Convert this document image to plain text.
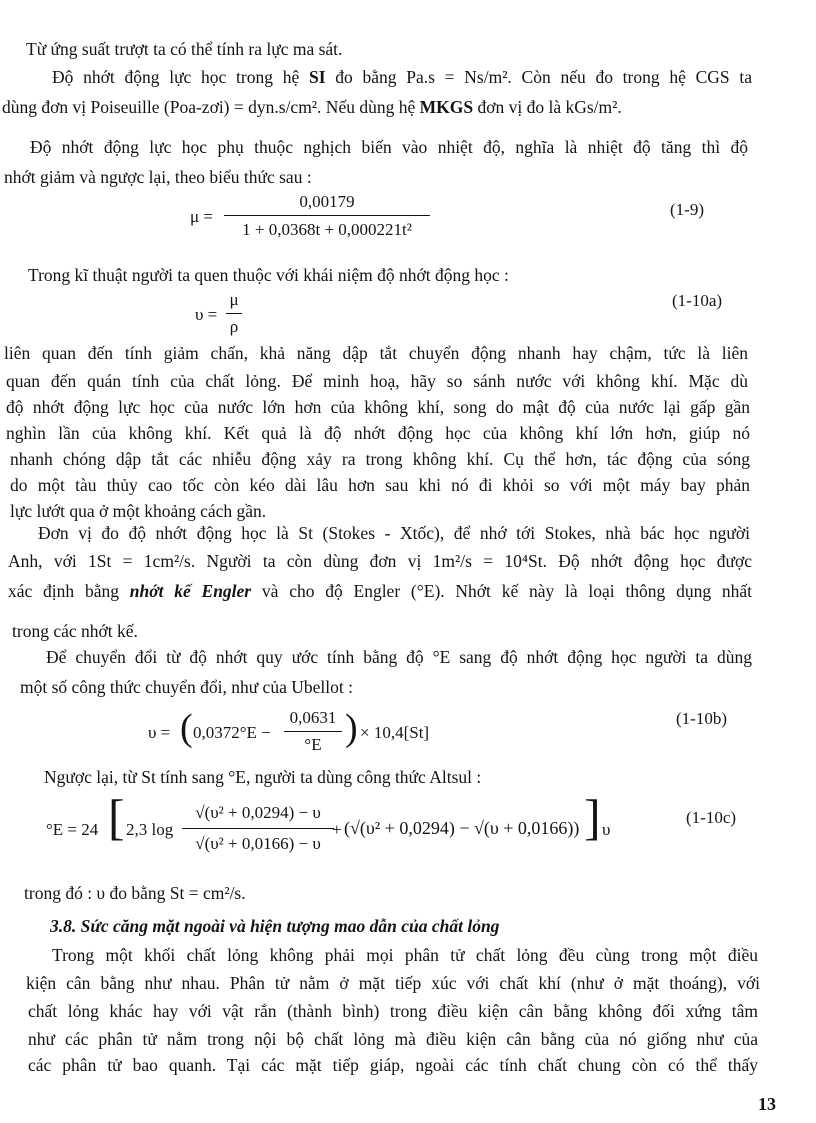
Từ ứng suất trượt ta có thể tính ra lực ma sát.
Độ nhớt động lực học trong hệ SI đo bằng Pa.s = Ns/m². Còn nếu đo trong hệ CGS ta
dùng đơn vị Poiseuille (Poa-zơi) = dyn.s/cm². Nếu dùng hệ MKGS đơn vị đo là kGs/m².
Độ nhớt động lực học phụ thuộc nghịch biến vào nhiệt độ, nghĩa là nhiệt độ tăng thì độ
nhớt giảm và ngược lại, theo biểu thức sau :
μ =
0,00179
1 + 0,0368t + 0,000221t²
(1-9)
Trong kĩ thuật người ta quen thuộc với khái niệm độ nhớt động học :
υ =
μ
ρ
(1-10a)
liên quan đến tính giảm chấn, khả năng dập tắt chuyển động nhanh hay chậm, tức là liên
quan đến quán tính của chất lỏng. Để minh hoạ, hãy so sánh nước với không khí. Mặc dù
độ nhớt động lực học của nước lớn hơn của không khí, song do mật độ của nước lại gấp gần
nghìn lần của không khí. Kết quả là độ nhớt động học của không khí lớn hơn, giúp nó
nhanh chóng dập tắt các nhiễu động xảy ra trong không khí. Cụ thể hơn, tác động của sóng
do một tàu thủy cao tốc còn kéo dài lâu hơn sau khi nó đi khỏi so với một máy bay phản
lực lướt qua ở một khoảng cách gần.
Đơn vị đo độ nhớt động học là St (Stokes - Xtốc), để nhớ tới Stokes, nhà bác học người
Anh, với 1St = 1cm²/s. Người ta còn dùng đơn vị 1m²/s = 10⁴St. Độ nhớt động học được
xác định bằng nhớt kế Engler và cho độ Engler (°E). Nhớt kế này là loại thông dụng nhất
trong các nhớt kế.
Để chuyển đổi từ độ nhớt quy ước tính bằng độ °E sang độ nhớt động học người ta dùng
một số công thức chuyển đổi, như của Ubellot :
υ = ( 0,0372°E −
0,0631
°E ) × 10,4[St]
(1-10b)
Ngược lại, từ St tính sang °E, người ta dùng công thức Altsul :
°E = 24 [ 2,3 log
√(υ² + 0,0294) − υ
√(υ² + 0,0166) − υ
+ (√(υ² + 0,0294) − √(υ + 0,0166)) ] υ
(1-10c)
trong đó : υ đo bằng St = cm²/s.
3.8. Sức căng mặt ngoài và hiện tượng mao dẫn của chất lỏng
Trong một khối chất lỏng không phải mọi phân tử chất lỏng đều cùng trong một điều
kiện cân bằng như nhau. Phân tử nằm ở mặt tiếp xúc với chất khí (như ở mặt thoáng), với
chất lỏng khác hay với vật rắn (thành bình) trong điều kiện cân bằng không đối xứng tâm
như các phân tử nằm trong nội bộ chất lỏng mà điều kiện cân bằng của nó giống như của
các phân tử bao quanh. Tại các mặt tiếp giáp, ngoài các tính chất chung còn có thể thấy
13
